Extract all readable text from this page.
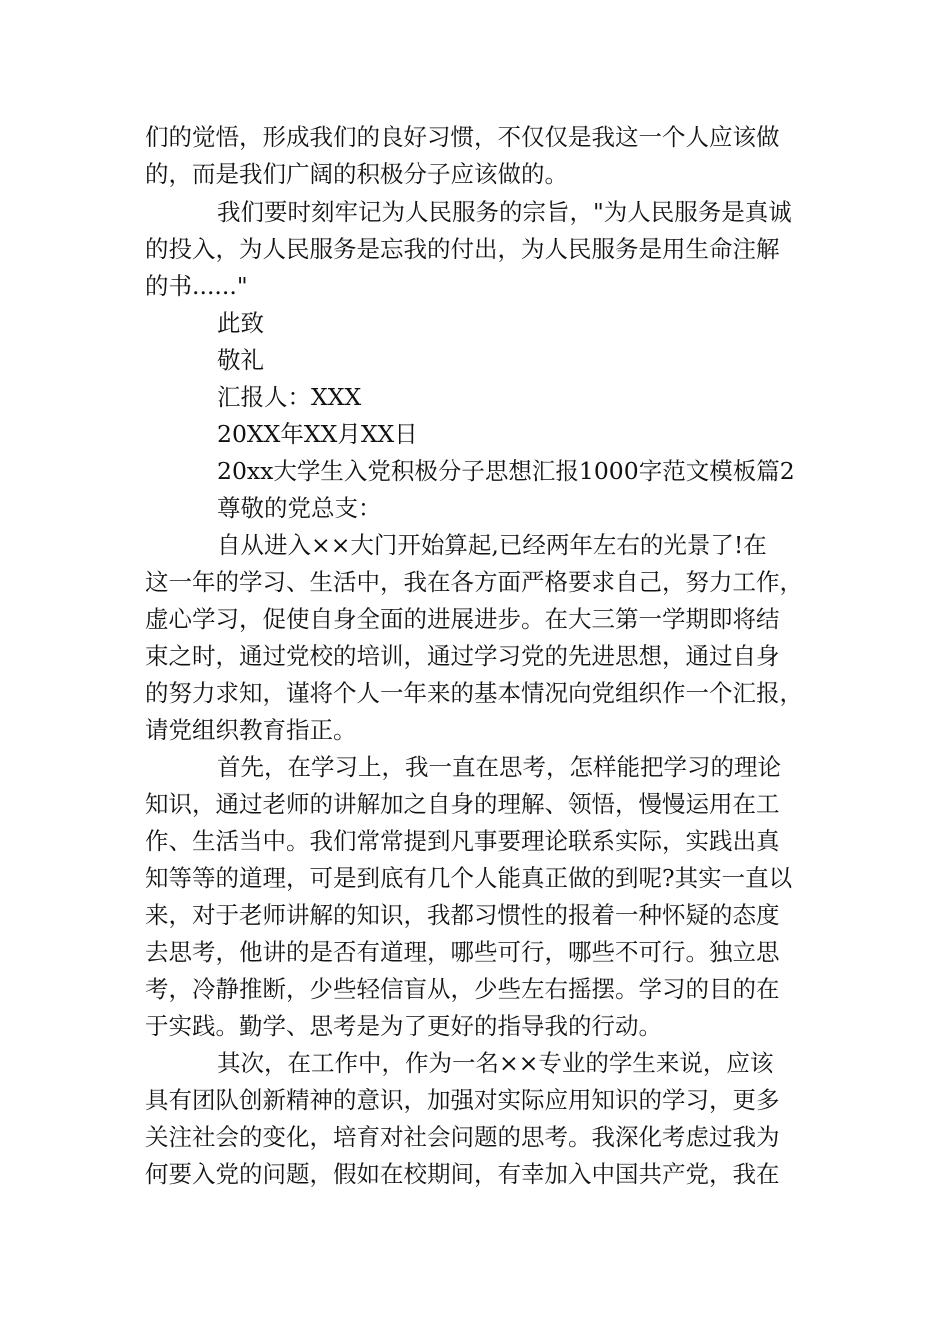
们的觉悟，形成我们的良好习惯，不仅仅是我这一个人应该做

的，而是我们广阔的积极分子应该做的。

我们要时刻牢记为人民服务的宗旨，"为人民服务是真诚

的投入，为人民服务是忘我的付出，为人民服务是用生命注解

的书......"

此致

敬礼

汇报人：XXX

20XX年XX月XX日

20xx大学生入党积极分子思想汇报1000字范文模板篇2

尊敬的党总支：

自从进入××大门开始算起,已经两年左右的光景了!在

这一年的学习、生活中，我在各方面严格要求自己，努力工作，

虚心学习，促使自身全面的进展进步。在大三第一学期即将结

束之时，通过党校的培训，通过学习党的先进思想，通过自身

的努力求知，谨将个人一年来的基本情况向党组织作一个汇报，

请党组织教育指正。

首先，在学习上，我一直在思考，怎样能把学习的理论

知识，通过老师的讲解加之自身的理解、领悟，慢慢运用在工

作、生活当中。我们常常提到凡事要理论联系实际，实践出真

知等等的道理，可是到底有几个人能真正做的到呢?其实一直以

来，对于老师讲解的知识，我都习惯性的报着一种怀疑的态度

去思考，他讲的是否有道理，哪些可行，哪些不可行。独立思

考，冷静推断，少些轻信盲从，少些左右摇摆。学习的目的在

于实践。勤学、思考是为了更好的指导我的行动。

其次，在工作中，作为一名××专业的学生来说，应该

具有团队创新精神的意识，加强对实际应用知识的学习，更多

关注社会的变化，培育对社会问题的思考。我深化考虑过我为

何要入党的问题，假如在校期间，有幸加入中国共产党，我在
